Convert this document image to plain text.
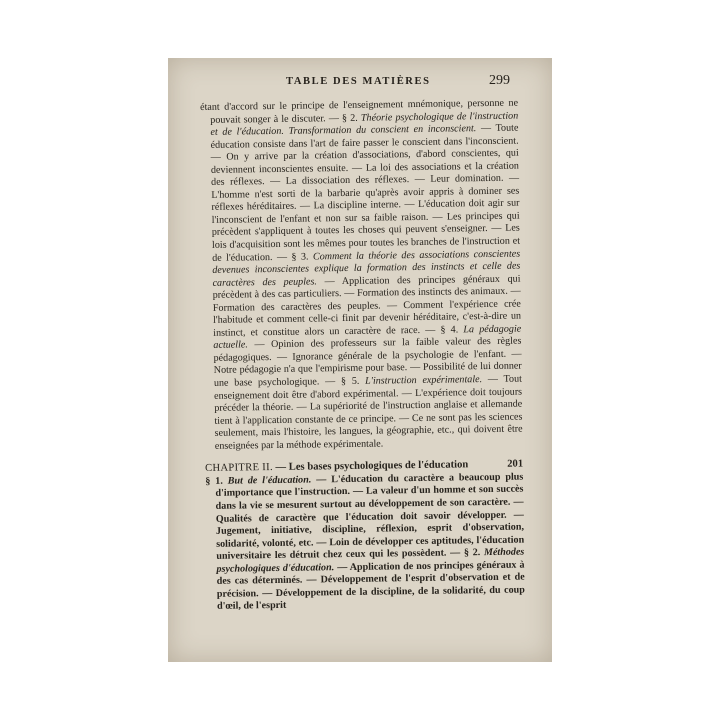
TABLE DES MATIÈRES	299

étant d'accord sur le principe de l'enseignement mnémonique, personne ne pouvait songer à le discuter. — § 2. Théorie psychologique de l'instruction et de l'éducation. Transformation du conscient en inconscient. — Toute éducation consiste dans l'art de faire passer le conscient dans l'inconscient. — On y arrive par la création d'associations, d'abord conscientes, qui deviennent inconscientes ensuite. — La loi des associations et la création des réflexes. — La dissociation des réflexes. — Leur domination. — L'homme n'est sorti de la barbarie qu'après avoir appris à dominer ses réflexes héréditaires. — La discipline interne. — L'éducation doit agir sur l'inconscient de l'enfant et non sur sa faible raison. — Les principes qui précèdent s'appliquent à toutes les choses qui peuvent s'enseigner. — Les lois d'acquisition sont les mêmes pour toutes les branches de l'instruction et de l'éducation. — § 3. Comment la théorie des associations conscientes devenues inconscientes explique la formation des instincts et celle des caractères des peuples. — Application des principes généraux qui précèdent à des cas particuliers. — Formation des instincts des animaux. — Formation des caractères des peuples. — Comment l'expérience crée l'habitude et comment celle-ci finit par devenir héréditaire, c'est-à-dire un instinct, et constitue alors un caractère de race. — § 4. La pédagogie actuelle. — Opinion des professeurs sur la faible valeur des règles pédagogiques. — Ignorance générale de la psychologie de l'enfant. — Notre pédagogie n'a que l'empirisme pour base. — Possibilité de lui donner une base psychologique. — § 5. L'instruction expérimentale. — Tout enseignement doit être d'abord expérimental. — L'expérience doit toujours précéder la théorie. — La supériorité de l'instruction anglaise et allemande tient à l'application constante de ce principe. — Ce ne sont pas les sciences seulement, mais l'histoire, les langues, la géographie, etc., qui doivent être enseignées par la méthode expérimentale.

CHAPITRE II. — Les bases psychologiques de l'éducation	201

§ 1. But de l'éducation. — L'éducation du caractère a beaucoup plus d'importance que l'instruction. — La valeur d'un homme et son succès dans la vie se mesurent surtout au développement de son caractère. — Qualités de caractère que l'éducation doit savoir développer. — Jugement, initiative, discipline, réflexion, esprit d'observation, solidarité, volonté, etc. — Loin de développer ces aptitudes, l'éducation universitaire les détruit chez ceux qui les possèdent. — § 2. Méthodes psychologiques d'éducation. — Application de nos principes généraux à des cas déterminés. — Développement de l'esprit d'observation et de précision. — Développement de la discipline, de la solidarité, du coup d'œil, de l'esprit
